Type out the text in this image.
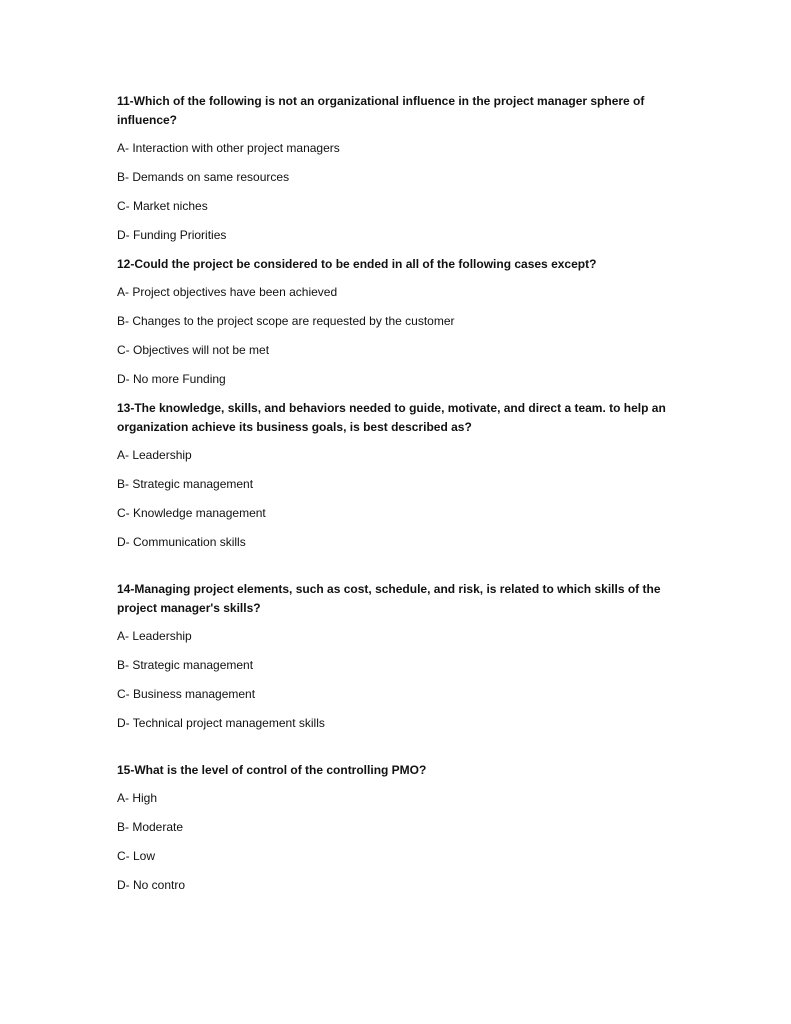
11-Which of the following is not an organizational influence in the project manager sphere of influence?

A- Interaction with other project managers

B- Demands on same resources

C- Market niches

D- Funding Priorities

12-Could the project be considered to be ended in all of the following cases except?

A- Project objectives have been achieved

B- Changes to the project scope are requested by the customer

C- Objectives will not be met

D- No more Funding

13-The knowledge, skills, and behaviors needed to guide, motivate, and direct a team. to help an organization achieve its business goals, is best described as?

A- Leadership

B- Strategic management

C- Knowledge management

D- Communication skills

14-Managing project elements, such as cost, schedule, and risk, is related to which skills of the project manager's skills?

A- Leadership

B- Strategic management

C- Business management

D- Technical project management skills

15-What is the level of control of the controlling PMO?

A- High

B- Moderate

C- Low

D- No contro
